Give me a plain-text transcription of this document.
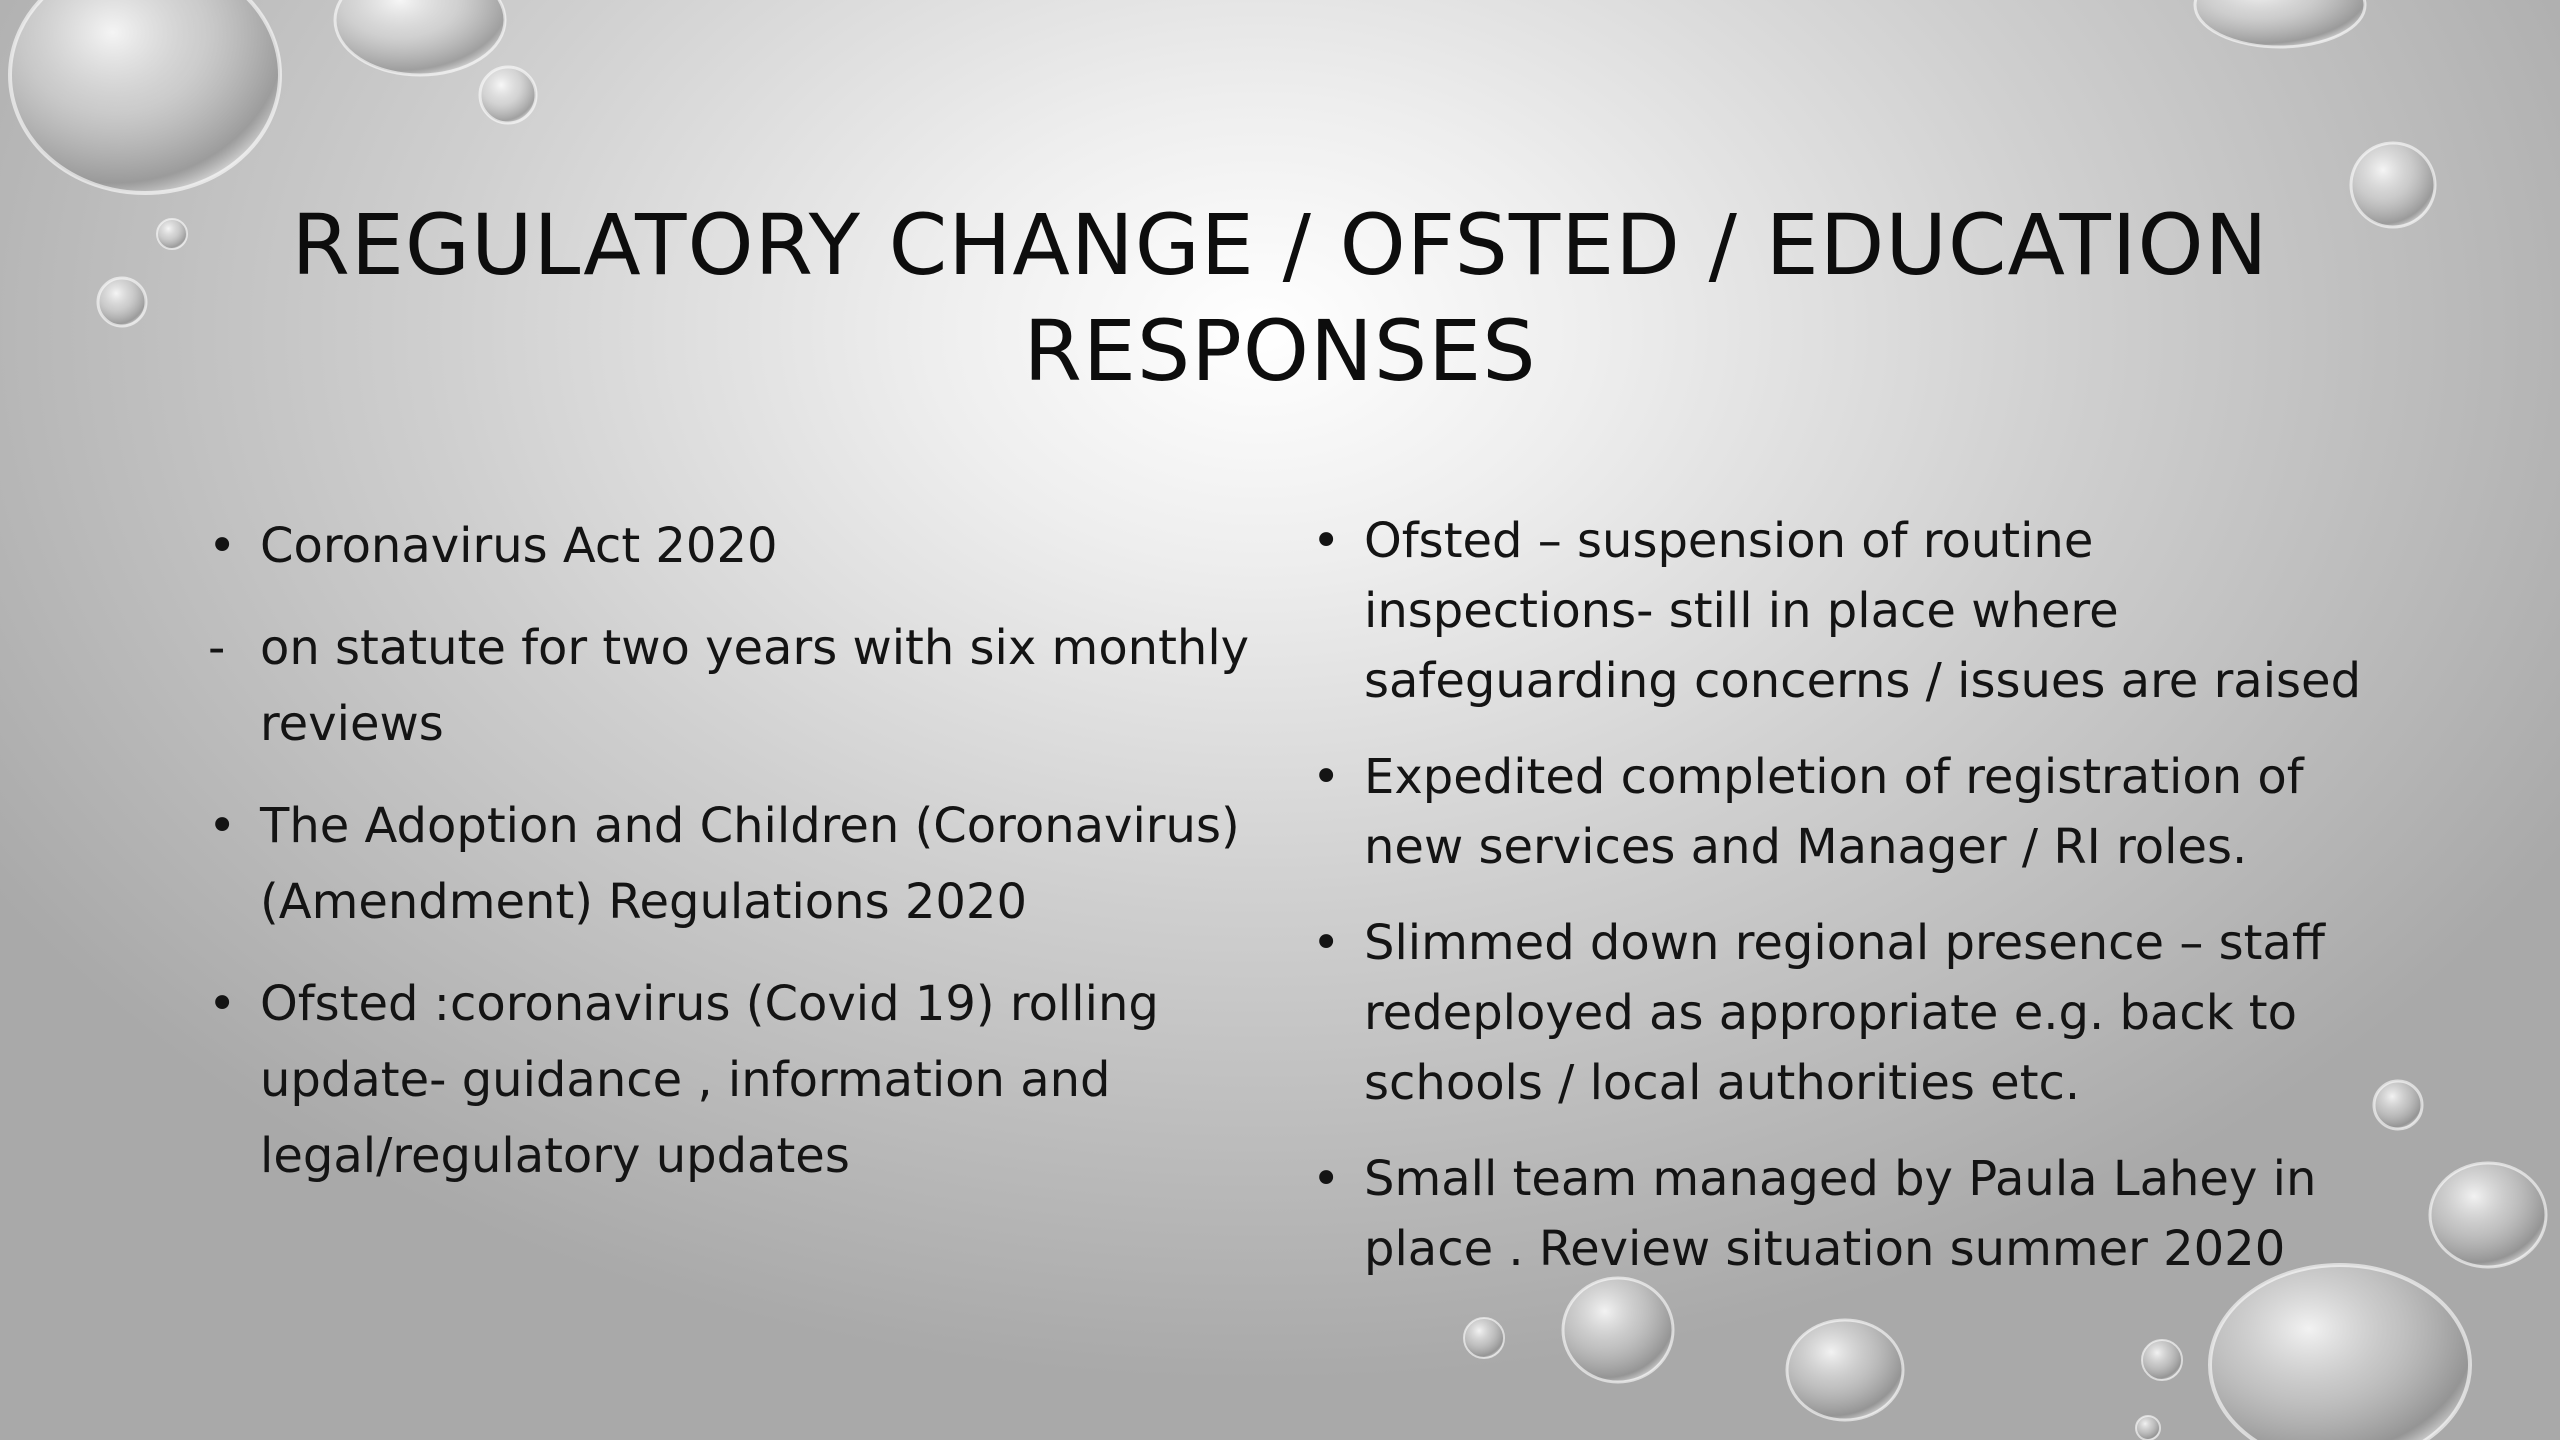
REGULATORY CHANGE / OFSTED / EDUCATION RESPONSES
• Coronavirus Act 2020
- on statute for two years with six monthly reviews
• The Adoption and Children (Coronavirus) (Amendment) Regulations 2020
• Ofsted :coronavirus (Covid 19) rolling update- guidance , information and legal/regulatory updates
• Ofsted – suspension of routine inspections- still in place where safeguarding concerns / issues are raised
• Expedited completion of registration of new services and Manager / RI roles.
• Slimmed down regional presence – staff redeployed as appropriate e.g. back to schools / local authorities etc.
• Small team managed by Paula Lahey in place . Review situation summer 2020
